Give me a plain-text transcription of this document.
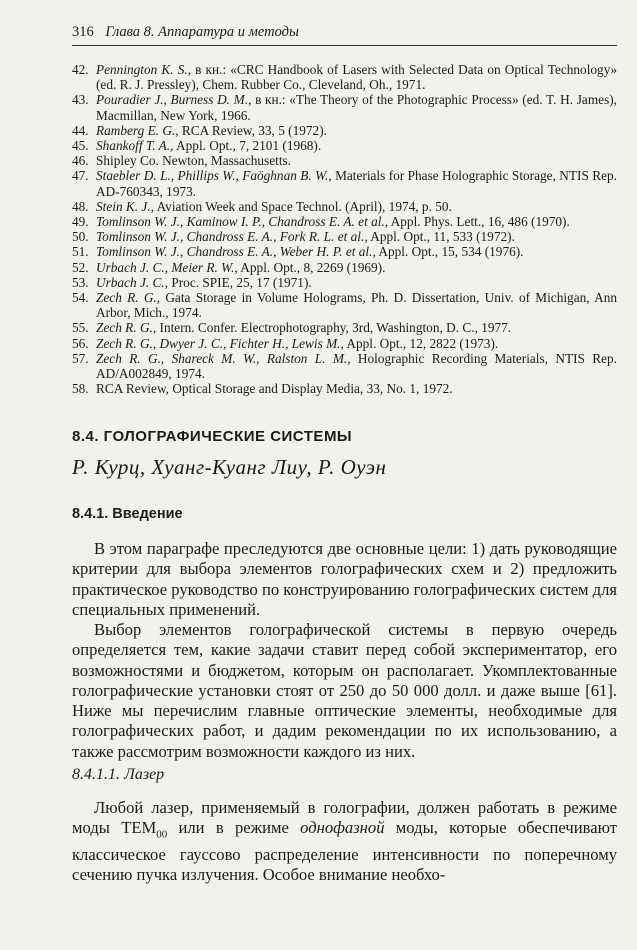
316 Глава 8. Аппаратура и методы
42. Pennington K. S., в кн.: «CRC Handbook of Lasers with Selected Data on Optical Technology» (ed. R. J. Pressley), Chem. Rubber Co., Cleveland, Oh., 1971.
43. Pouradier J., Burness D. M., в кн.: «The Theory of the Photographic Process» (ed. T. H. James), Macmillan, New York, 1966.
44. Ramberg E. G., RCA Review, 33, 5 (1972).
45. Shankoff T. A., Appl. Opt., 7, 2101 (1968).
46. Shipley Co. Newton, Massachusetts.
47. Staebler D. L., Phillips W., Faöghnan B. W., Materials for Phase Holographic Storage, NTIS Rep. AD-760343, 1973.
48. Stein K. J., Aviation Week and Space Technol. (April), 1974, p. 50.
49. Tomlinson W. J., Kaminow I. P., Chandross E. A. et al., Appl. Phys. Lett., 16, 486 (1970).
50. Tomlinson W. J., Chandross E. A., Fork R. L. et al., Appl. Opt., 11, 533 (1972).
51. Tomlinson W. J., Chandross E. A., Weber H. P. et al., Appl. Opt., 15, 534 (1976).
52. Urbach J. C., Meier R. W., Appl. Opt., 8, 2269 (1969).
53. Urbach J. C., Proc. SPIE, 25, 17 (1971).
54. Zech R. G., Gata Storage in Volume Holograms, Ph. D. Dissertation, Univ. of Michigan, Ann Arbor, Mich., 1974.
55. Zech R. G., Intern. Confer. Electrophotography, 3rd, Washington, D. C., 1977.
56. Zech R. G., Dwyer J. C., Fichter H., Lewis M., Appl. Opt., 12, 2822 (1973).
57. Zech R. G., Shareck M. W., Ralston L. M., Holographic Recording Materials, NTIS Rep. AD/A002849, 1974.
58. RCA Review, Optical Storage and Display Media, 33, No. 1, 1972.
8.4. ГОЛОГРАФИЧЕСКИЕ СИСТЕМЫ
Р. Курц, Хуанг-Куанг Лиу, Р. Оуэн
8.4.1. Введение

В этом параграфе преследуются две основные цели: 1) дать руководящие критерии для выбора элементов голографических схем и 2) предложить практическое руководство по конструированию голографических систем для специальных применений.

Выбор элементов голографической системы в первую очередь определяется тем, какие задачи ставит перед собой экспериментатор, его возможностями и бюджетом, которым он располагает. Укомплектованные голографические установки стоят от 250 до 50 000 долл. и даже выше [61]. Ниже мы перечислим главные оптические элементы, необходимые для голографических работ, и дадим рекомендации по их использованию, а также рассмотрим возможности каждого из них.

8.4.1.1. Лазер

Любой лазер, применяемый в голографии, должен работать в режиме моды $TEM_{00}$ или в режиме однофазной моды, которые обеспечивают классическое гауссово распределение интенсивности по поперечному сечению пучка излучения. Особое внимание необхо-
